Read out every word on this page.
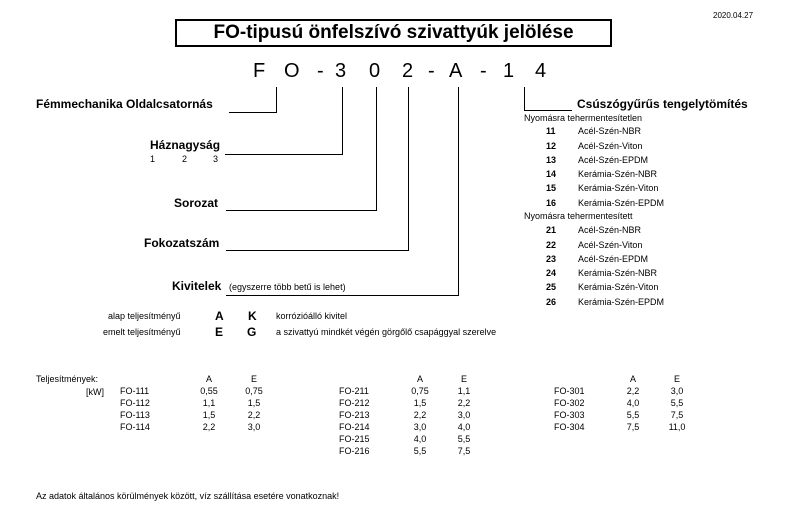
2020.04.27
FO-tipusú önfelszívó szivattyúk jelölése
F O - 3 0 2 - A - 1 4
Fémmechanika Oldalcsatornás
Háznagyság
1	2	3
Sorozat
Fokozatszám
Kivitelek (egyszerre több betű is lehet)
Csúszógyűrűs tengelytömítés
Nyomásra tehermentesítetlen
11 Acél-Szén-NBR
12 Acél-Szén-Viton
13 Acél-Szén-EPDM
14 Kerámia-Szén-NBR
15 Kerámia-Szén-Viton
16 Kerámia-Szén-EPDM
Nyomásra tehermentesített
21 Acél-Szén-NBR
22 Acél-Szén-Viton
23 Acél-Szén-EPDM
24 Kerámia-Szén-NBR
25 Kerámia-Szén-Viton
26 Kerámia-Szén-EPDM
alap teljesítményű	A K korrózióálló kivitel
emelt teljesítményű	E G a szivattyú mindkét végén görgőlő csapággyal szerelve
Teljesítmények:
[kW]
	A	E
FO-111	0,55	0,75
FO-112	1,1	1,5
FO-113	1,5	2,2
FO-114	2,2	3,0
	A	E
FO-211	0,75	1,1
FO-212	1,5	2,2
FO-213	2,2	3,0
FO-214	3,0	4,0
FO-215	4,0	5,5
FO-216	5,5	7,5
	A	E
FO-301	2,2	3,0
FO-302	4,0	5,5
FO-303	5,5	7,5
FO-304	7,5	11,0
Az adatok általános körülmények között, víz szállítása esetére vonatkoznak!
